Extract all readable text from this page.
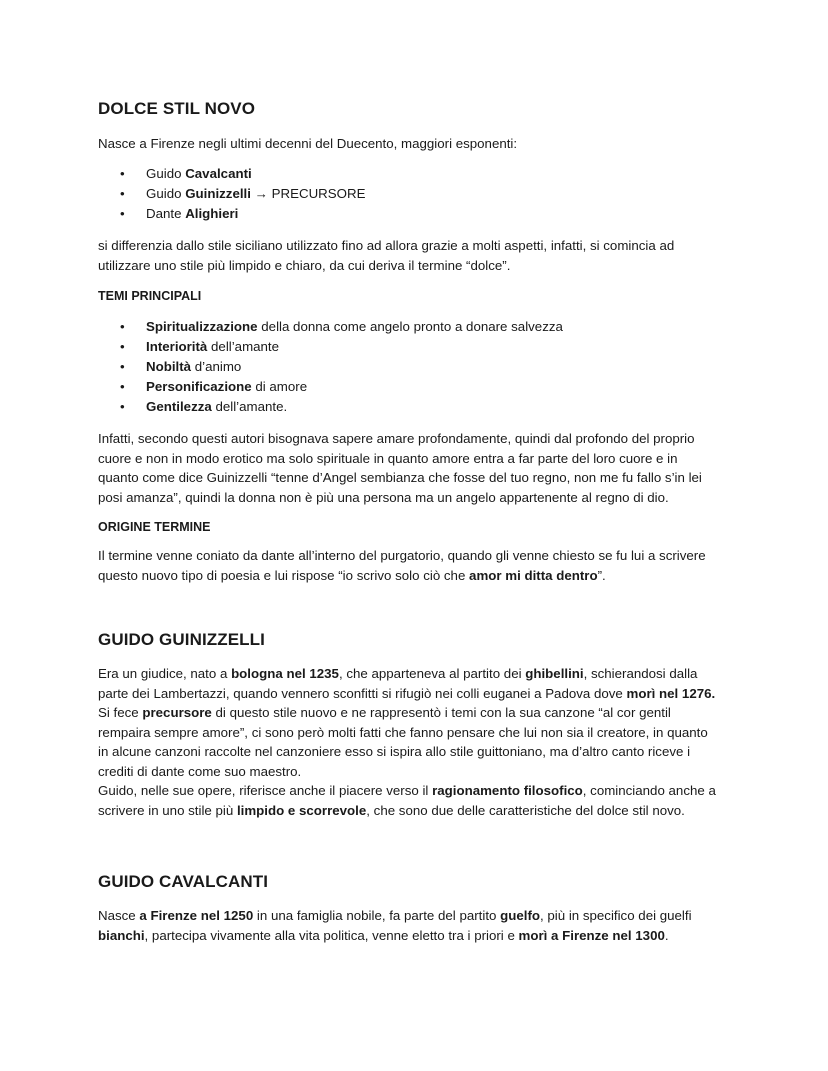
DOLCE STIL NOVO
Nasce a Firenze negli ultimi decenni del Duecento, maggiori esponenti:
• Guido Cavalcanti
• Guido Guinizzelli → PRECURSORE
• Dante Alighieri
si differenzia dallo stile siciliano utilizzato fino ad allora grazie a molti aspetti, infatti, si comincia ad
utilizzare uno stile più limpido e chiaro, da cui deriva il termine “dolce”.
TEMI PRINCIPALI
• Spiritualizzazione della donna come angelo pronto a donare salvezza
• Interiorità dell’amante
• Nobiltà d’animo
• Personificazione di amore
• Gentilezza dell’amante.
Infatti, secondo questi autori bisognava sapere amare profondamente, quindi dal profondo del proprio
cuore e non in modo erotico ma solo spirituale in quanto amore entra a far parte del loro cuore e in
quanto come dice Guinizzelli “tenne d’Angel sembianza che fosse del tuo regno, non me fu fallo s’in lei
posi amanza”, quindi la donna non è più una persona ma un angelo appartenente al regno di dio.
ORIGINE TERMINE
Il termine venne coniato da dante all’interno del purgatorio, quando gli venne chiesto se fu lui a scrivere
questo nuovo tipo di poesia e lui rispose “io scrivo solo ciò che amor mi ditta dentro”.
GUIDO GUINIZZELLI
Era un giudice, nato a bologna nel 1235, che apparteneva al partito dei ghibellini, schierandosi dalla
parte dei Lambertazzi, quando vennero sconfitti si rifugiò nei colli euganei a Padova dove morì nel 1276.
Si fece precursore di questo stile nuovo e ne rappresentò i temi con la sua canzone “al cor gentil
rempaira sempre amore”, ci sono però molti fatti che fanno pensare che lui non sia il creatore, in quanto
in alcune canzoni raccolte nel canzoniere esso si ispira allo stile guittoniano, ma d’altro canto riceve i
crediti di dante come suo maestro.
Guido, nelle sue opere, riferisce anche il piacere verso il ragionamento filosofico, cominciando anche a
scrivere in uno stile più limpido e scorrevole, che sono due delle caratteristiche del dolce stil novo.
GUIDO CAVALCANTI
Nasce a Firenze nel 1250 in una famiglia nobile, fa parte del partito guelfo, più in specifico dei guelfi
bianchi, partecipa vivamente alla vita politica, venne eletto tra i priori e morì a Firenze nel 1300.
